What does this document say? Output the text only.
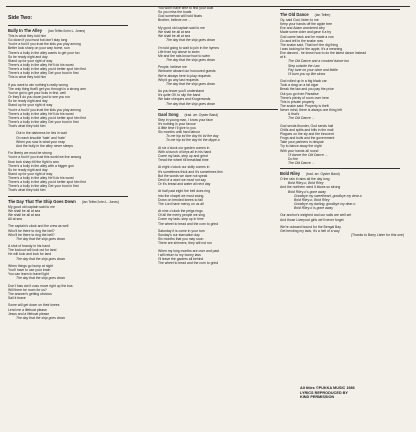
Side Two:
Bully In The Alley (Ian Telfer/John L. Jones)
This is what they told him
Go down if you must but don't stay long
You're a fool if you trust the kids you play among
Better look sharp on your way home, son
There's a bully in the alley wants to get your fun
So be ready night and day
Stand up for your right of way
There's a bully in the alley He'll do his worst
There's a bully in the alley you'd better spot him first
There's a bully in the alley Get your boot in first
This is what they told him
If you want to win nothing's really wrong
The only thing that'll get you through is a strong arm
You've got to get your licks in first, well
Or they'll do you down just to see you run
So be ready night and day
Stand up for your right of way
You're a fool if you trust the kids you play among
There's a bully in the alley He'll do his worst
There's a bully in the alley you'd better spot him first
There's a bully in the alley Get your boot in first
That's what they told him
Out in the darkness he lies in wait
On each knuckle 'hate' and 'hate'
When you sow is what your reap
And the bully in the alley never sleeps
For liberty we must be strong
You're a fool if you trust this world we live among
Now look sharp till the fight is won
There's a bully in the alley with a bigger gun
So be ready night and day
Stand up for your right of way
There's a bully in the alley He'll do his worst
There's a bully in the alley you'd better spot him first
There's a bully in the alley Get your boot in first
That's what they told him
The Day That The Ship Goes Down (Ian Telfer/John L. Jones)
My good old captain said to me
We shall be all at sea
We shall be all at sea
All at sea
The captain's clock and the crew as well
Who'll be there to ring the bell?
Who'll be there to ring the bell?
The day that the ship goes down
A shot of brandy in his hand
The lookout will look out for land
He will look and look for land
The day that the ship goes down
When things go bump at night
You'll have to use your brain
You can learn to travel light
The day that the ship goes down
Don't fuss don't cuss move right up the bus
Will there be room for us?
The answer's getting obvious
Sail it brave
Some will get down on their knees
Lend me a lifeboat please
Jesus and a lifeboat please
The day that the ship goes down
You won't have time to find your coat
So you miss the boats
God somehow will hold floats
Brother, believe me ...
My good old captain said to me
We shall be all at sea
We shall be all at sea
The day that the ship goes down
I'm told going to wait to join in the hymns
Life from top above to swim
Me and the rats know how to swim
The day that the ship goes down
People, believe me
Welcome aboard our honoured guests
We're always here to play requests
Why'd go any last requests
The day that the ship goes down
As you leave you'll understand
It's quite OK to slip the band
We take cheques and Krugerrands
The day that the ship goes down
Gaol Song (trad. arr. Oyster Band)
Step in young man, I know your face
It's nothing in your favour
A little time I'll give to you
Six months until hard labour
To me hip tol the day fol tol the day
To me hip tol the day fol the dippe-o
At six o'clock our garden comes in
With a bunch of keys all in his hand
Come my lads, step up and grind
Tread the wheel till breakfast time
At eight o'clock our skilly comes in
It's sometimes thick and it's sometimes thin
But the words we dare not speak
Devil of a word we must not say
Or it's bread and water all next day
At half past eight the bell does ring
Into the chapel we must swing
Down on bended knees to fall
The Lord have mercy on us all
At nine o'clock the pelgs rings
Of all the merry people we sing
Come my lads, step up in time
The wheel to tread and the corn to grind
Saturday it is come in your turn
Sunday's our starvation day
Six months that you may soon
There are shinners, they will not run
When my long months are over and past
I will return to my bonny lass
I'll leave the gaolers all behind
The wheel to tread and the corn to grind
The Old Dance (Ian Telfer)
Oy, said God, listen to me
Keep your hands off the apple tree
Eve and Adam wondered why
Made some cider and gave it a try
God came back and he made a row
Go and tell to the snake now
The snake said, That isn't the dig thing
I was looking for the apple, it's a meaning
Eve danced - he knew how to do the latest dance instead
at it.
The Old Dance and a crooked dance too
Step outside the Law
Pay tune on your oboe and fiddle
I'll burn you up like straw
God rolled up in a big black car
Took a drag on a fat cigar
Break the law and you pay the price
Out you go from Paradise
There's plenty of room over here
This is private property
The snake said: Property is theft
Never mind, there is always one thing left
& that's
The Old Dance ...
God sends thunder, God sends hail
Chills and splits and bills in the mail
Plagues on the sly and the innocent
Frogs and boils and the government
Take your partners in despair
Try to dance away the night
With your hands all round
I'll dance the Old Dance ...
Do the
The Old Dance ...
Bold Riley (trad. arr. Oyster Band)
O the rain it rains all the day long
Bold Riley-o, Bold Riley
And the northern wind it blows so strong
Bold Riley-o's gone away
Goodbye my sweetheart, goodbye my dear-o
Bold Riley-o, Bold Riley
Goodbye my darling, goodbye my dear-o
Bold Riley-o is gone away
Our anchor's weighed and our sails are well set
And those Liverpool girls we'll never forget
We're outward bound for the Bengal Bay
Get bending my lads, it's a hell of a way
(Thanks to Barry Lister for this one)
All titles ©PUKKA MUSIC 1986
LYRICS REPRODUCED BY
KIND PERMISSION
